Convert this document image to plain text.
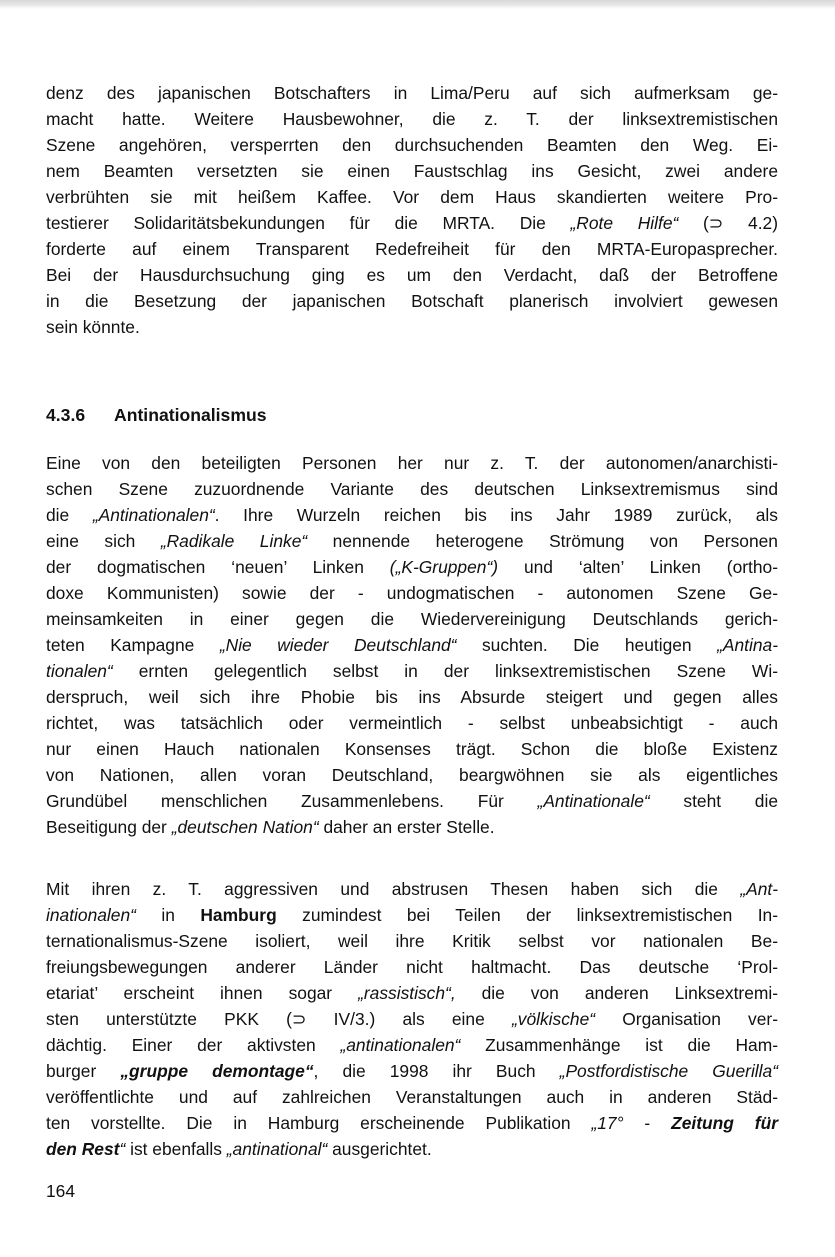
denz des japanischen Botschafters in Lima/Peru auf sich aufmerksam ge-
macht hatte. Weitere Hausbewohner, die z. T. der linksextremistischen
Szene angehören, versperrten den durchsuchenden Beamten den Weg. Ei-
nem Beamten versetzten sie einen Faustschlag ins Gesicht, zwei andere
verbrühten sie mit heißem Kaffee. Vor dem Haus skandierten weitere Pro-
testierer Solidaritätsbekundungen für die MRTA. Die „Rote Hilfe“ (⊃ 4.2)
forderte auf einem Transparent Redefreiheit für den MRTA-Europasprecher.
Bei der Hausdurchsuchung ging es um den Verdacht, daß der Betroffene
in die Besetzung der japanischen Botschaft planerisch involviert gewesen
sein könnte.

4.3.6 Antinationalismus

Eine von den beteiligten Personen her nur z. T. der autonomen/anarchisti-
schen Szene zuzuordnende Variante des deutschen Linksextremismus sind
die „Antinationalen“. Ihre Wurzeln reichen bis ins Jahr 1989 zurück, als
eine sich „Radikale Linke“ nennende heterogene Strömung von Personen
der dogmatischen ‘neuen’ Linken („K-Gruppen“) und ‘alten’ Linken (ortho-
doxe Kommunisten) sowie der - undogmatischen - autonomen Szene Ge-
meinsamkeiten in einer gegen die Wiedervereinigung Deutschlands gerich-
teten Kampagne „Nie wieder Deutschland“ suchten. Die heutigen „Antina-
tionalen“ ernten gelegentlich selbst in der linksextremistischen Szene Wi-
derspruch, weil sich ihre Phobie bis ins Absurde steigert und gegen alles
richtet, was tatsächlich oder vermeintlich - selbst unbeabsichtigt - auch
nur einen Hauch nationalen Konsenses trägt. Schon die bloße Existenz
von Nationen, allen voran Deutschland, beargwöhnen sie als eigentliches
Grundübel menschlichen Zusammenlebens. Für „Antinationale“ steht die
Beseitigung der „deutschen Nation“ daher an erster Stelle.

Mit ihren z. T. aggressiven und abstrusen Thesen haben sich die „Ant-
inationalen“ in Hamburg zumindest bei Teilen der linksextremistischen In-
ternationalismus-Szene isoliert, weil ihre Kritik selbst vor nationalen Be-
freiungsbewegungen anderer Länder nicht haltmacht. Das deutsche ‘Prol-
etariat’ erscheint ihnen sogar „rassistisch“, die von anderen Linksextremi-
sten unterstützte PKK (⊃ IV/3.) als eine „völkische“ Organisation ver-
dächtig. Einer der aktivsten „antinationalen“ Zusammenhänge ist die Ham-
burger „gruppe demontage“, die 1998 ihr Buch „Postfordistische Guerilla“
veröffentlichte und auf zahlreichen Veranstaltungen auch in anderen Städ-
ten vorstellte. Die in Hamburg erscheinende Publikation „17° - Zeitung für
den Rest“ ist ebenfalls „antinational“ ausgerichtet.

164
